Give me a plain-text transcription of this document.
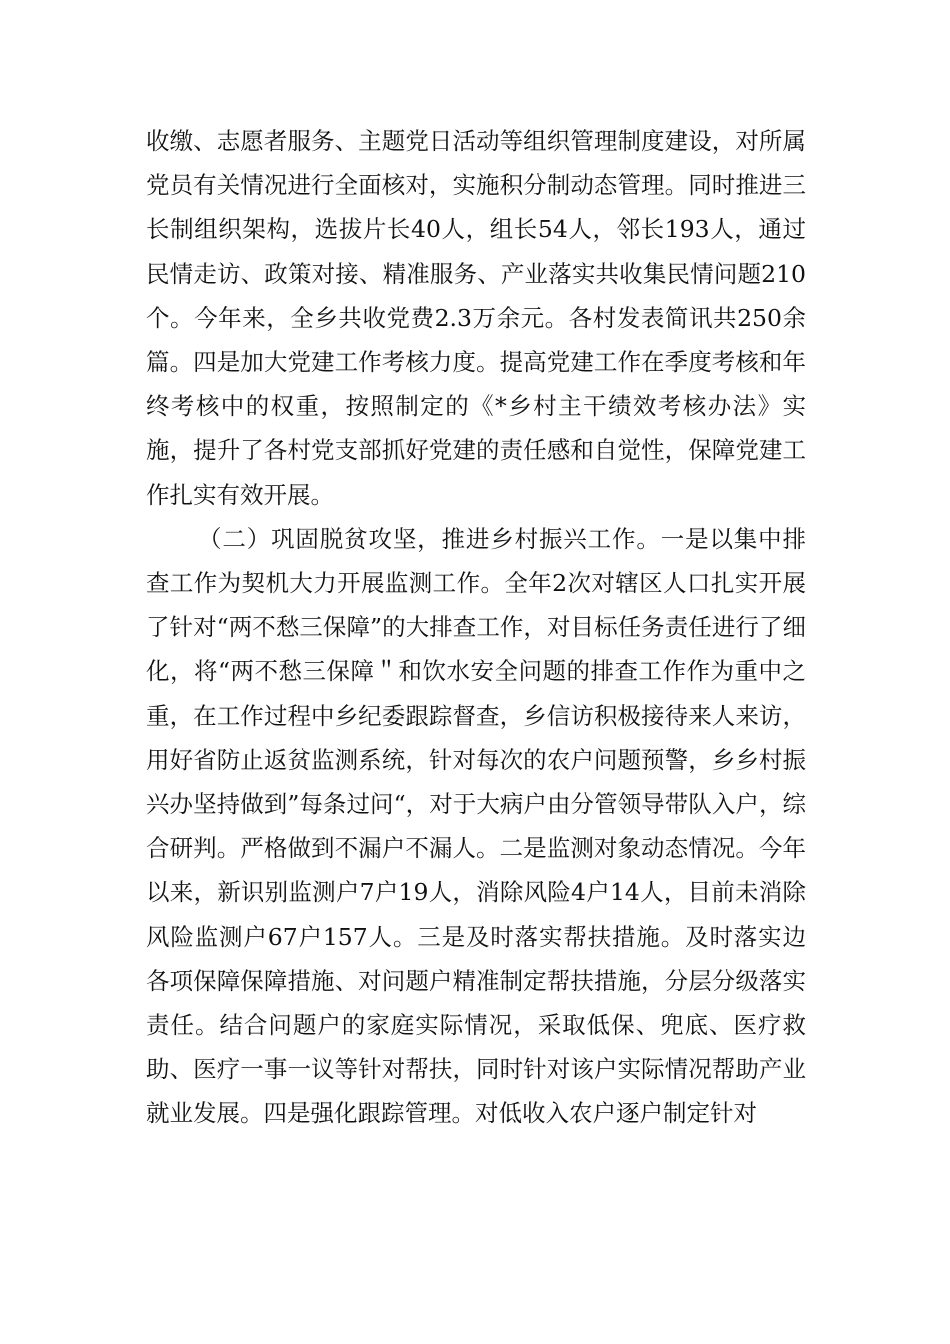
收缴、志愿者服务、主题党日活动等组织管理制度建设，对所属党员有关情况进行全面核对，实施积分制动态管理。同时推进三长制组织架构，选拔片长40人，组长54人，邻长193人，通过民情走访、政策对接、精准服务、产业落实共收集民情问题210个。今年来，全乡共收党费2.3万余元。各村发表简讯共250余篇。四是加大党建工作考核力度。提高党建工作在季度考核和年终考核中的权重，按照制定的《*乡村主干绩效考核办法》实施，提升了各村党支部抓好党建的责任感和自觉性，保障党建工作扎实有效开展。

（二）巩固脱贫攻坚，推进乡村振兴工作。一是以集中排查工作为契机大力开展监测工作。全年2次对辖区人口扎实开展了针对“两不愁三保障”的大排查工作，对目标任务责任进行了细化，将“两不愁三保障＂和饮水安全问题的排查工作作为重中之重，在工作过程中乡纪委跟踪督查，乡信访积极接待来人来访，用好省防止返贫监测系统，针对每次的农户问题预警，乡乡村振兴办坚持做到”每条过问“，对于大病户由分管领导带队入户，综合研判。严格做到不漏户不漏人。二是监测对象动态情况。今年以来，新识别监测户7户19人，消除风险4户14人，目前未消除风险监测户67户157人。三是及时落实帮扶措施。及时落实边各项保障保障措施、对问题户精准制定帮扶措施，分层分级落实责任。结合问题户的家庭实际情况，采取低保、兜底、医疗救助、医疗一事一议等针对帮扶，同时针对该户实际情况帮助产业就业发展。四是强化跟踪管理。对低收入农户逐户制定针对
